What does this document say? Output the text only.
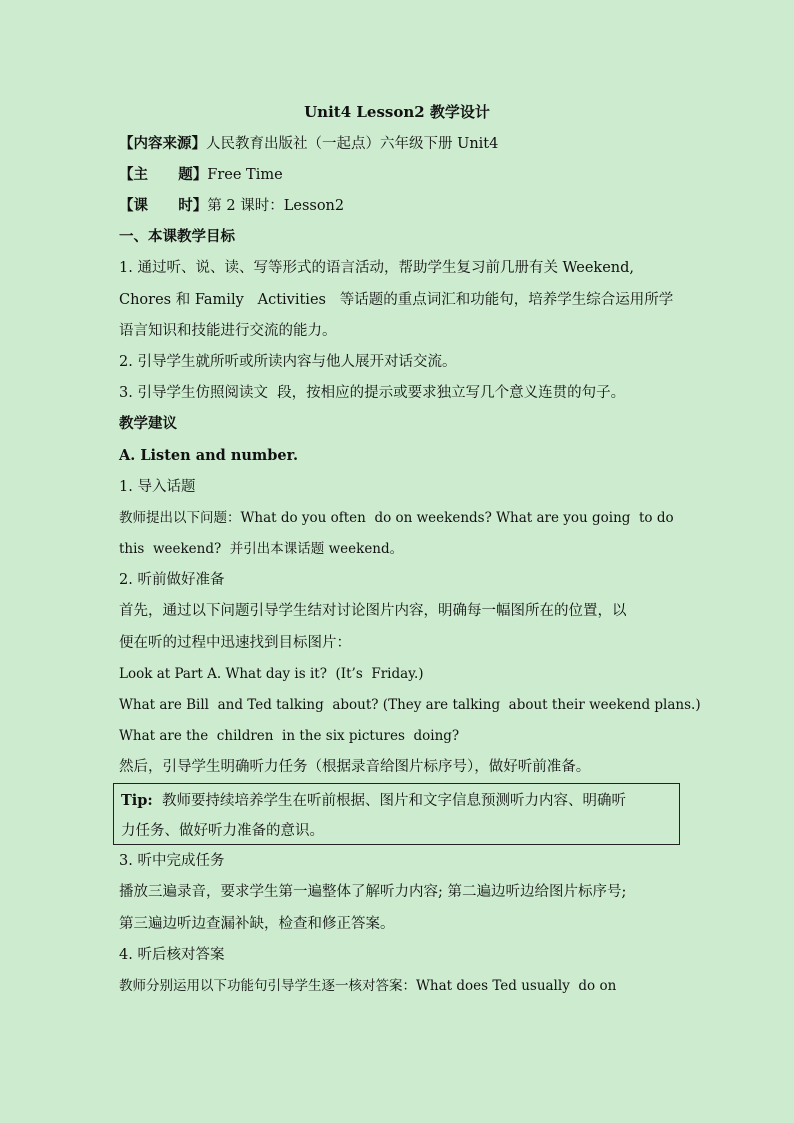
Unit4 Lesson2 教学设计
【内容来源】人民教育出版社（一起点）六年级下册 Unit4
【主      题】Free Time
【课      时】第 2 课时：Lesson2
一、本课教学目标
1. 通过听、说、读、写等形式的语言活动，帮助学生复习前几册有关 Weekend,
Chores 和 Family   Activities   等话题的重点词汇和功能句，培养学生综合运用所学
语言知识和技能进行交流的能力。
2. 引导学生就所听或所读内容与他人展开对话交流。
3. 引导学生仿照阅读文  段，按相应的提示或要求独立写几个意义连贯的句子。
教学建议
A. Listen and number.
1. 导入话题
教师提出以下问题：What do you often  do on weekends? What are you going  to do
this  weekend?  并引出本课话题 weekend。
2. 听前做好准备
首先，通过以下问题引导学生结对讨论图片内容，明确每一幅图所在的位置，以
便在听的过程中迅速找到目标图片：
Look at Part A. What day is it?  (It’s  Friday.)
What are Bill  and Ted talking  about? (They are talking  about their weekend plans.)
What are the  children  in the six pictures  doing?
然后，引导学生明确听力任务（根据录音给图片标序号），做好听前准备。
Tip:  教师要持续培养学生在听前根据、图片和文字信息预测听力内容、明确听
力任务、做好听力准备的意识。
3. 听中完成任务
播放三遍录音，要求学生第一遍整体了解听力内容; 第二遍边听边给图片标序号;
第三遍边听边查漏补缺，检查和修正答案。
4. 听后核对答案
教师分别运用以下功能句引导学生逐一核对答案：What does Ted usually  do on
